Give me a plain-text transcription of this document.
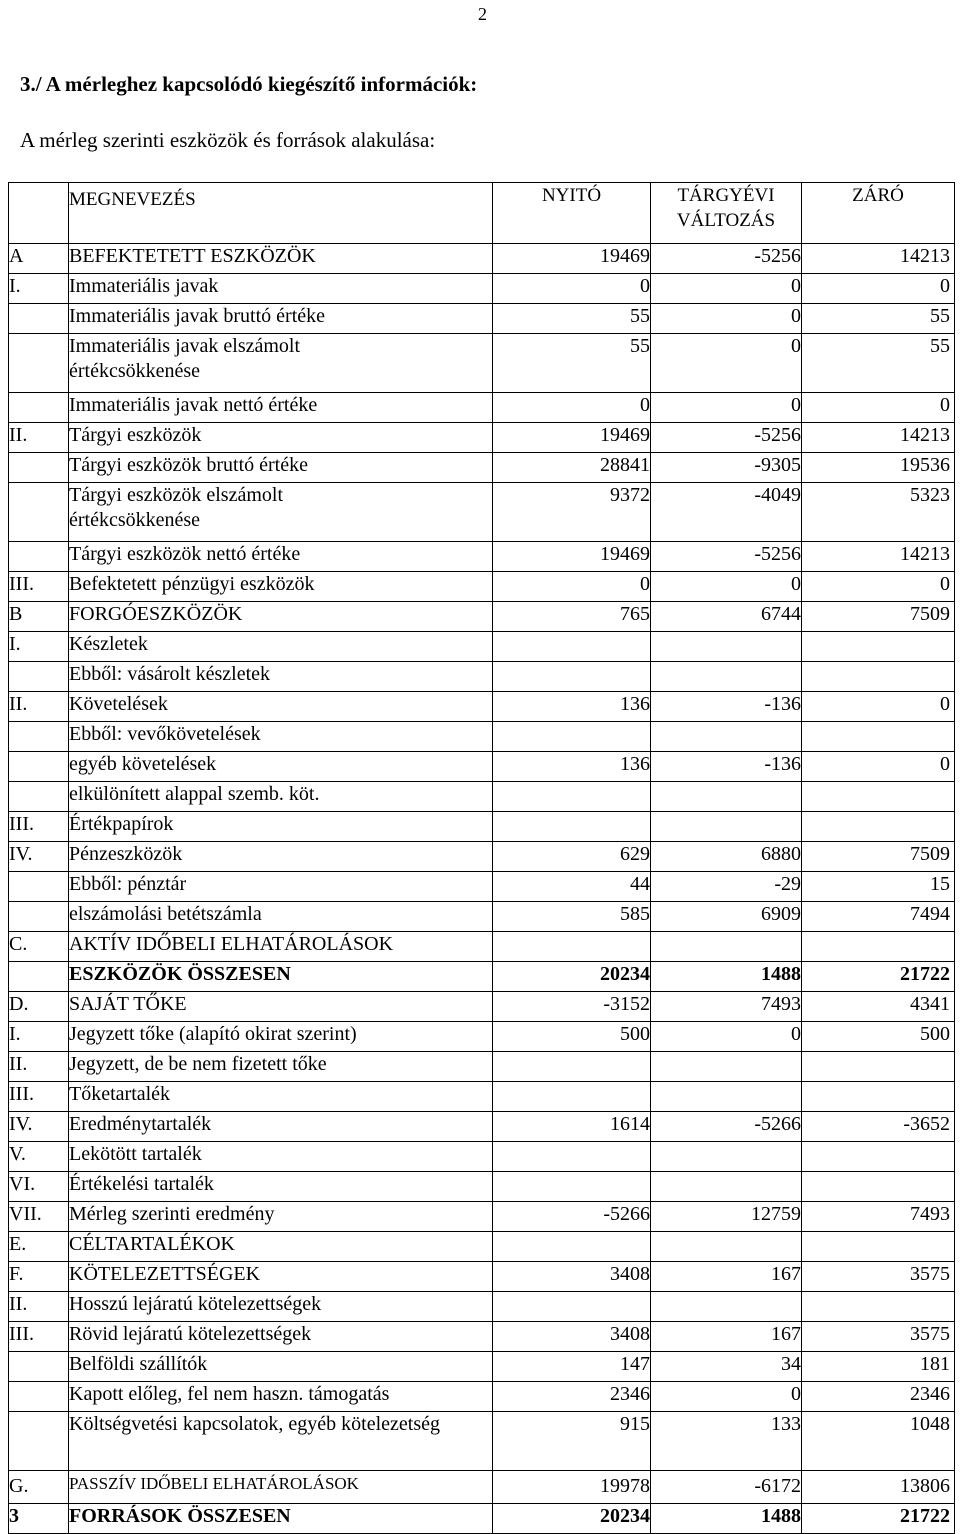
2
3./ A mérleghez kapcsolódó kiegészítő információk:
A mérleg szerinti eszközök és források alakulása:
	MEGNEVEZÉS	NYITÓ	TÁRGYÉVI VÁLTOZÁS	ZÁRÓ
A	BEFEKTETETT ESZKÖZÖK	19469	-5256	14213
I.	Immateriális javak	0	0	0
	Immateriális javak bruttó értéke	55	0	55
	Immateriális javak elszámolt értékcsökkenése	55	0	55
	Immateriális javak nettó értéke	0	0	0
II.	Tárgyi eszközök	19469	-5256	14213
	Tárgyi eszközök bruttó értéke	28841	-9305	19536
	Tárgyi eszközök elszámolt értékcsökkenése	9372	-4049	5323
	Tárgyi eszközök nettó értéke	19469	-5256	14213
III.	Befektetett pénzügyi eszközök	0	0	0
B	FORGÓESZKÖZÖK	765	6744	7509
I.	Készletek			
	Ebből: vásárolt készletek			
II.	Követelések	136	-136	0
	Ebből: vevőkövetelések			
	egyéb követelések	136	-136	0
	elkülönített alappal szemb. köt.			
III.	Értékpapírok			
IV.	Pénzeszközök	629	6880	7509
	Ebből: pénztár	44	-29	15
	elszámolási betétszámla	585	6909	7494
C.	AKTÍV IDŐBELI ELHATÁROLÁSOK			
	ESZKÖZÖK ÖSSZESEN	20234	1488	21722
D.	SAJÁT TŐKE	-3152	7493	4341
I.	Jegyzett tőke (alapító okirat szerint)	500	0	500
II.	Jegyzett, de be nem fizetett tőke			
III.	Tőketartalék			
IV.	Eredménytartalék	1614	-5266	-3652
V.	Lekötött tartalék			
VI.	Értékelési tartalék			
VII.	Mérleg szerinti eredmény	-5266	12759	7493
E.	CÉLTARTALÉKOK			
F.	KÖTELEZETTSÉGEK	3408	167	3575
II.	Hosszú lejáratú kötelezettségek			
III.	Rövid lejáratú kötelezettségek	3408	167	3575
	Belföldi szállítók	147	34	181
	Kapott előleg, fel nem haszn. támogatás	2346	0	2346
	Költségvetési kapcsolatok, egyéb kötelezetség	915	133	1048
G.	PASSZÍV IDŐBELI ELHATÁROLÁSOK	19978	-6172	13806
3	FORRÁSOK ÖSSZESEN	20234	1488	21722
